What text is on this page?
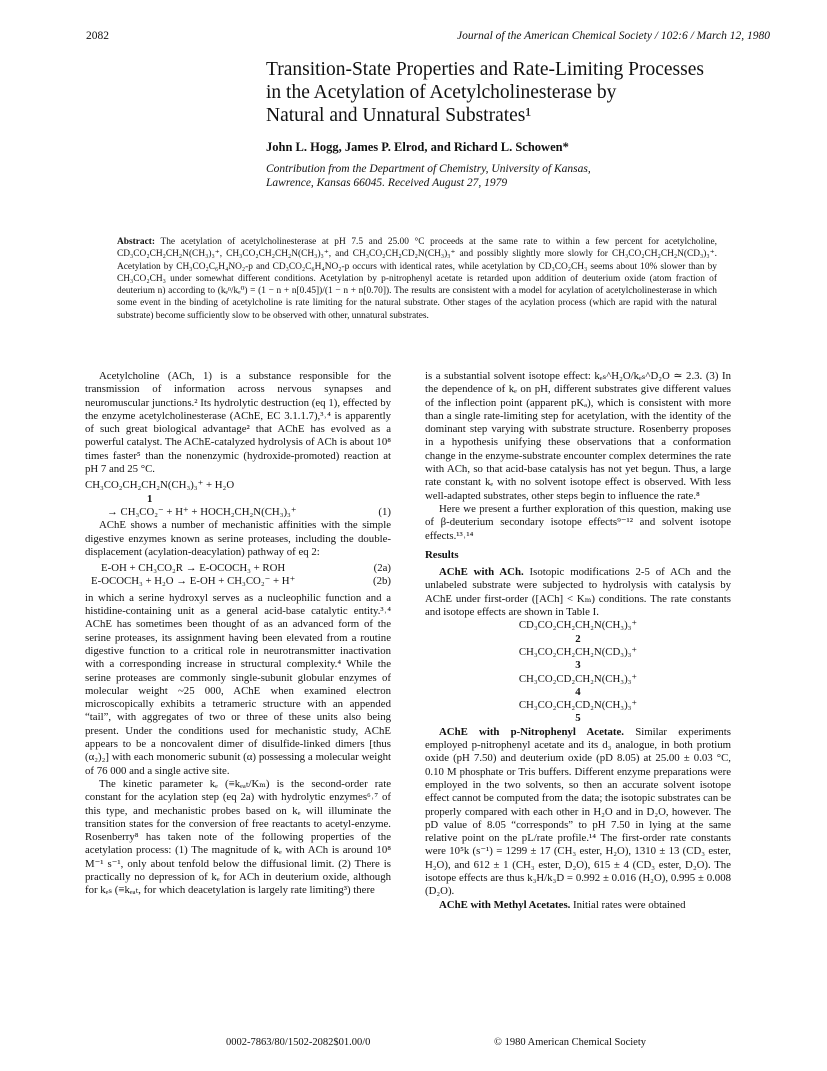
2082	Journal of the American Chemical Society / 102:6 / March 12, 1980
Transition-State Properties and Rate-Limiting Processes
in the Acetylation of Acetylcholinesterase by
Natural and Unnatural Substrates¹
John L. Hogg, James P. Elrod, and Richard L. Schowen*
Contribution from the Department of Chemistry, University of Kansas,
Lawrence, Kansas 66045. Received August 27, 1979
Abstract: The acetylation of acetylcholinesterase at pH 7.5 and 25.00 °C proceeds at the same rate to within a few percent for acetylcholine, CD₃CO₂CH₂CH₂N(CH₃)₃⁺, CH₃CO₂CH₂CH₂N(CH₃)₃⁺, and CH₃CO₂CH₂CD₂N(CH₃)₃⁺ and possibly slightly more slowly for CH₃CO₂CH₂CH₂N(CD₃)₃⁺. Acetylation by CH₃CO₂C₆H₄NO₂-p and CD₃CO₂C₆H₄NO₂-p occurs with identical rates, while acetylation by CD₃CO₂CH₃ seems about 10% slower than by CH₃CO₂CH₃ under somewhat different conditions. Acetylation by p-nitrophenyl acetate is retarded upon addition of deuterium oxide (atom fraction of deuterium n) according to (kₑⁿ/kₑ⁰) = (1 − n + n[0.45])/(1 − n + n[0.70]). The results are consistent with a model for acylation of acetylcholinesterase in which some event in the binding of acetylcholine is rate limiting for the natural substrate. Other stages of the acylation process (which are rapid with the natural substrate) become sufficiently slow to be observed with other, unnatural substrates.

Acetylcholine (ACh, 1) is a substance responsible for the transmission of information across nervous synapses and neuromuscular junctions.² Its hydrolytic destruction (eq 1), effected by the enzyme acetylcholinesterase (AChE, EC 3.1.1.7),³˒⁴ is apparently of such great biological advantage² that AChE has evolved as a powerful catalyst. The AChE-catalyzed hydrolysis of ACh is about 10⁸ times faster⁵ than the nonenzymic (hydroxide-promoted) reaction at pH 7 and 25 °C.

CH₃CO₂CH₂CH₂N(CH₃)₃⁺ + H₂O
1
→ CH₃CO₂⁻ + H⁺ + HOCH₂CH₂N(CH₃)₃⁺	(1)

AChE shows a number of mechanistic affinities with the simple digestive enzymes known as serine proteases, including the double-displacement (acylation-deacylation) pathway of eq 2:

E-OH + CH₃CO₂R → E-OCOCH₃ + ROH	(2a)
E-OCOCH₃ + H₂O → E-OH + CH₃CO₂⁻ + H⁺	(2b)

in which a serine hydroxyl serves as a nucleophilic function and a histidine-containing unit as a general acid-base catalytic entity.³˒⁴ AChE has sometimes been thought of as an advanced form of the serine proteases, its assignment having been elevated from a routine digestive function to a critical role in neurotransmitter inactivation with a corresponding increase in structural complexity.⁴ While the serine proteases are commonly single-subunit globular enzymes of molecular weight ~25 000, AChE when examined electron microscopically exhibits a tetrameric structure with an appended “tail”, with aggregates of two or three of these units also being present. Under the conditions used for mechanistic study, AChE appears to be a noncovalent dimer of disulfide-linked dimers [thus (α₂)₂] with each monomeric subunit (α) possessing a molecular weight of 76 000 and a single active site.

The kinetic parameter kₑ (≡kₑₐₜ/Kₘ) is the second-order rate constant for the acylation step (eq 2a) with hydrolytic enzymes⁶˒⁷ of this type, and mechanistic probes based on kₑ will illuminate the transition states for the conversion of free reactants to acetyl-enzyme. Rosenberry⁸ has taken note of the following properties of the acetylation process: (1) The magnitude of kₑ with ACh is around 10⁸ M⁻¹ s⁻¹, only about tenfold below the diffusional limit. (2) There is practically no depression of kₑ for ACh in deuterium oxide, although for kₑₛ (≡kₑₐₜ, for which deacetylation is largely rate limiting³) there

is a substantial solvent isotope effect: kₑₛ^H₂O/kₑₛ^D₂O ≃ 2.3. (3) In the dependence of kₑ on pH, different substrates give different values of the inflection point (apparent pKₐ), which is consistent with more than a single rate-limiting step for acetylation, with the identity of the dominant step varying with substrate structure. Rosenberry proposes in a hypothesis unifying these observations that a conformation change in the enzyme-substrate encounter complex determines the rate with ACh, so that acid-base catalysis has not yet begun. Thus, a large rate constant kₑ with no solvent isotope effect is observed. With less well-adapted substrates, other steps begin to influence the rate.⁸

Here we present a further exploration of this question, making use of β-deuterium secondary isotope effects⁹⁻¹² and solvent isotope effects.¹³˒¹⁴

Results

AChE with ACh. Isotopic modifications 2-5 of ACh and the unlabeled substrate were subjected to hydrolysis with catalysis by AChE under first-order ([ACh] < Kₘ) conditions. The rate constants and isotope effects are shown in Table I.

CD₃CO₂CH₂CH₂N(CH₃)₃⁺
2
CH₃CO₂CH₂CH₂N(CD₃)₃⁺
3
CH₃CO₂CD₂CH₂N(CH₃)₃⁺
4
CH₃CO₂CH₂CD₂N(CH₃)₃⁺
5

AChE with p-Nitrophenyl Acetate. Similar experiments employed p-nitrophenyl acetate and its d₃ analogue, in both protium oxide (pH 7.50) and deuterium oxide (pD 8.05) at 25.00 ± 0.03 °C, 0.10 M phosphate or Tris buffers. Different enzyme preparations were employed in the two solvents, so then an accurate solvent isotope effect cannot be computed from the data; the isotopic substrates can be properly compared with each other in H₂O and in D₂O, however. The pD value of 8.05 “corresponds” to pH 7.50 in lying at the same relative point on the pL/rate profile.¹⁴ The first-order rate constants were 10⁵k (s⁻¹) = 1299 ± 17 (CH₃ ester, H₂O), 1310 ± 13 (CD₃ ester, H₂O), and 612 ± 1 (CH₃ ester, D₂O), 615 ± 4 (CD₃ ester, D₂O). The isotope effects are thus k₃H/k₃D = 0.992 ± 0.016 (H₂O), 0.995 ± 0.008 (D₂O).

AChE with Methyl Acetates. Initial rates were obtained

0002-7863/80/1502-2082$01.00/0	© 1980 American Chemical Society
